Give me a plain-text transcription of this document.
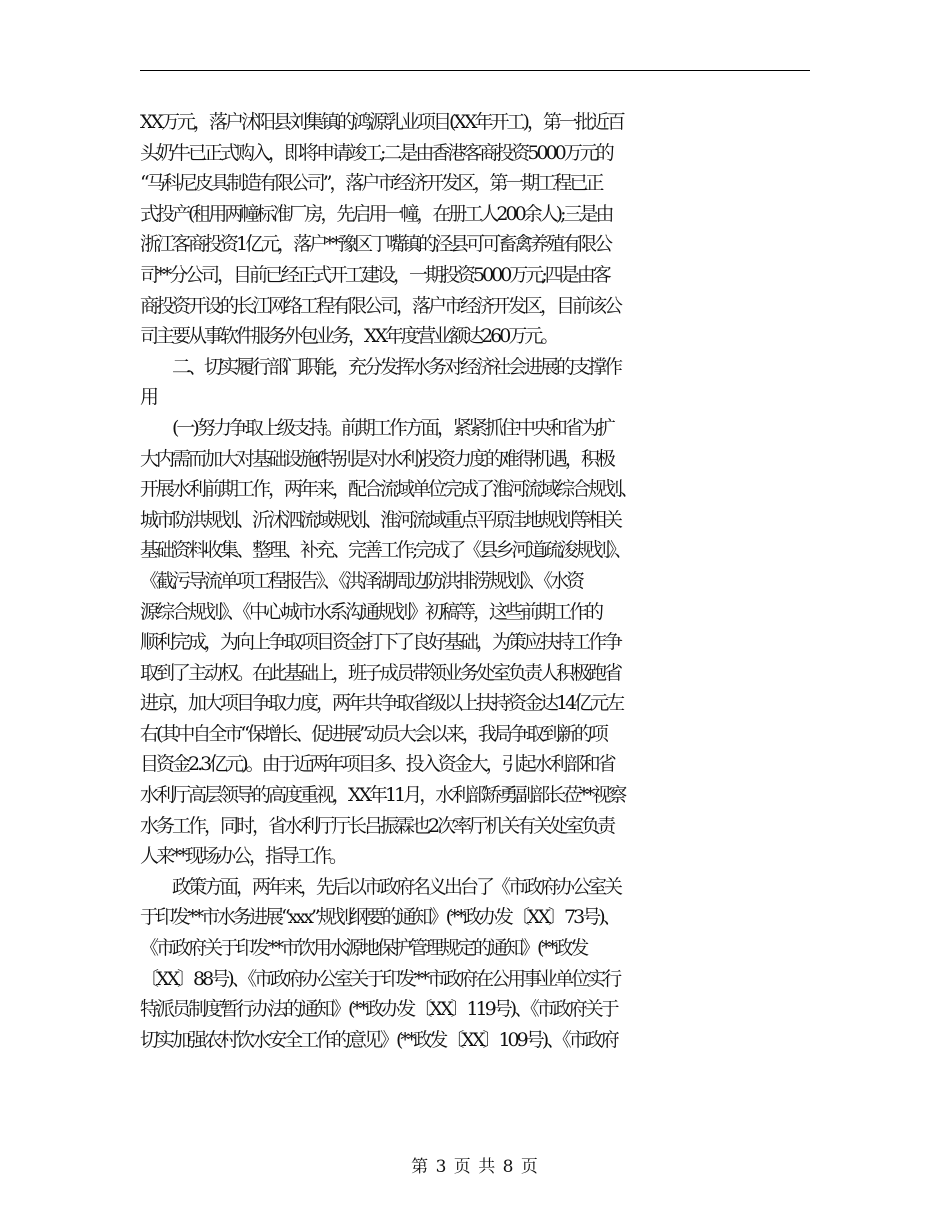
XX万元，落户沭阳县刘集镇的鸿源乳业项目(XX年开工)，第一批近百
头奶牛已正式购入，即将申请竣工;二是由香港客商投资5000万元的
“马科尼皮具制造有限公司”，落户市经济开发区，第一期工程已正
式投产(租用两幢标准厂房，先启用一幢，在册工人200余人);三是由
浙江客商投资1亿元，落户**豫区丁嘴镇的泾县可可畜禽养殖有限公
司**分公司，目前已经正式开工建设，一期投资5000万元;四是由客
商投资开设的长江网络工程有限公司，落户市经济开发区，目前该公
司主要从事软件服务外包业务，XX年度营业额达260万元。
　　二、切实履行部门职能，充分发挥水务对经济社会进展的支撑作
用
　　(一)努力争取上级支持。前期工作方面，紧紧抓住中央和省为扩
大内需而加大对基础设施(特别是对水利)投资力度的难得机遇，积极
开展水利前期工作，两年来，配合流域单位完成了淮河流域综合规划、
城市防洪规划、沂沭泗流域规划、淮河流域重点平原洼地规划等相关
基础资料收集、整理、补充、完善工作;完成了《县乡河道疏浚规划》、
《截污导流单项工程报告》、《洪泽湖周边防洪排涝规划》、《水资
源综合规划》、《中心城市水系沟通规划》初稿等，这些前期工作的
顺利完成，为向上争取项目资金打下了良好基础，为策应扶持工作争
取到了主动权。在此基础上，班子成员带领业务处室负责人积极跑省
进京，加大项目争取力度，两年共争取省级以上扶持资金达14亿元左
右(其中自全市“保增长、促进展”动员大会以来，我局争取到新的项
目资金2.3亿元)。由于近两年项目多、投入资金大，引起水利部和省
水利厅高层领导的高度重视，XX年11月，水利部矫勇副部长莅**视察
水务工作，同时，省水利厅厅长吕振霖也2次率厅机关有关处室负责
人来**现场办公，指导工作。
　　政策方面，两年来，先后以市政府名义出台了《市政府办公室关
于印发**市水务进展“xxx”规划纲要的通知》(**政办发〔XX〕73号)、
《市政府关于印发**市饮用水源地保护管理规定的通知》(**政发
〔XX〕88号)、《市政府办公室关于印发**市政府在公用事业单位实行
特派员制度暂行办法的通知》(**政办发〔XX〕119号)、《市政府关于
切实加强农村饮水安全工作的意见》(**政发〔XX〕109号)、《市政府
第 3 页 共 8 页
